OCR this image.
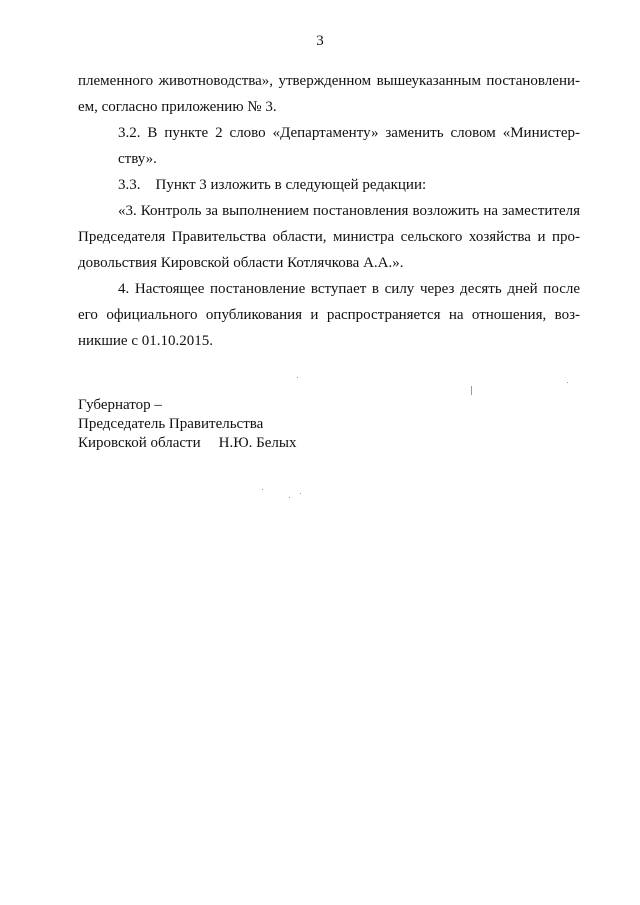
3

племенного животноводства», утвержденном вышеуказанным постановлени-
ем, согласно приложению № 3.

3.2. В пункте 2 слово «Департаменту» заменить словом «Министер-
ству».

3.3.    Пункт 3 изложить в следующей редакции:

«3. Контроль за выполнением постановления возложить на заместителя
Председателя Правительства области, министра сельского хозяйства и про-
довольствия Кировской области Котлячкова А.А.».

4. Настоящее постановление вступает в силу через десять дней после
его официального опубликования и распространяется на отношения, воз-
никшие с 01.10.2015.

Губернатор –
Председатель Правительства
Кировской области Н.Ю. Белых
